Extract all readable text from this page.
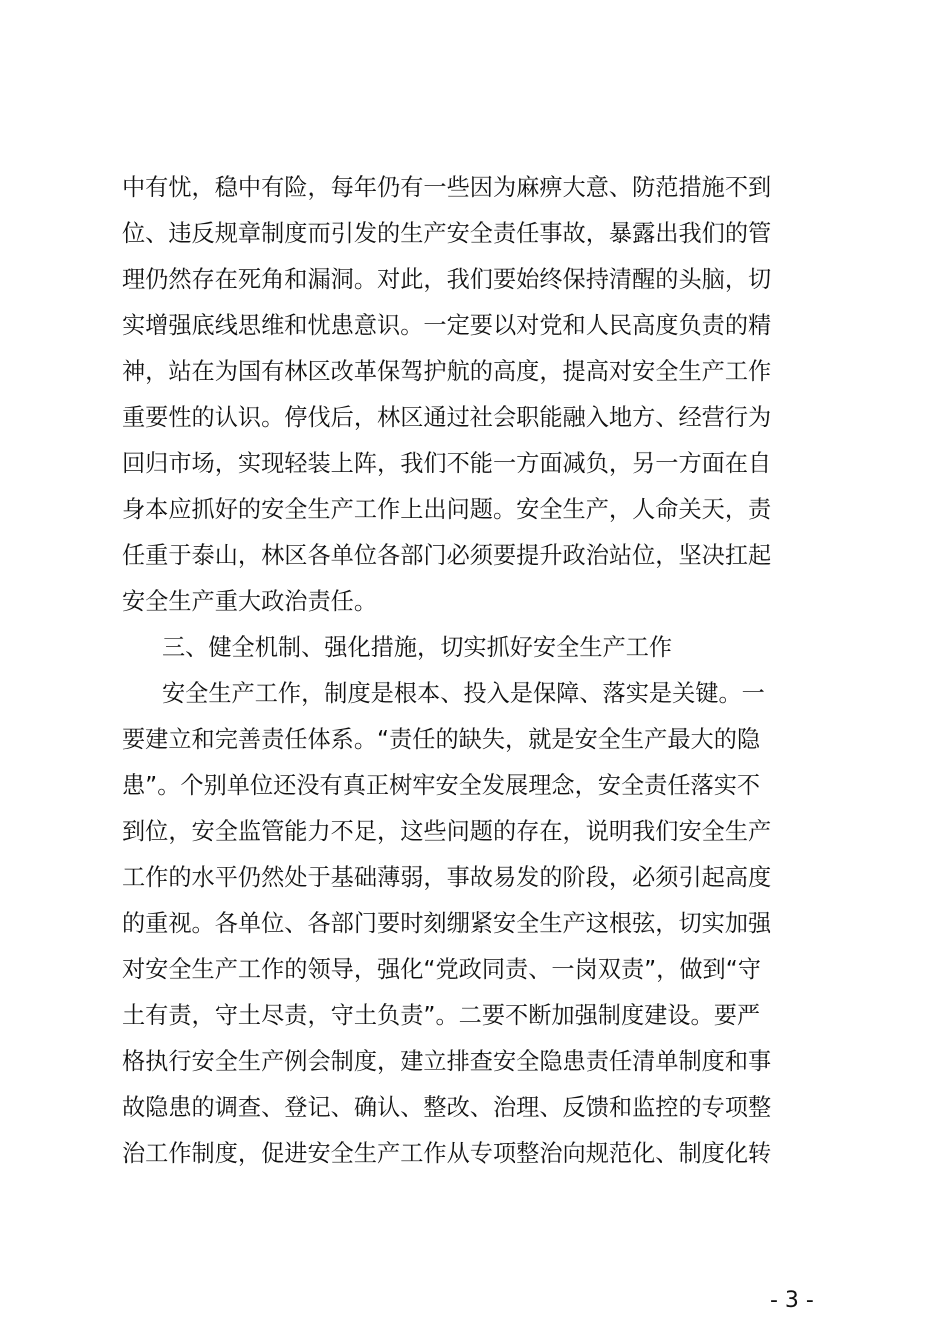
中有忧，稳中有险，每年仍有一些因为麻痹大意、防范措施不到
位、违反规章制度而引发的生产安全责任事故，暴露出我们的管
理仍然存在死角和漏洞。对此，我们要始终保持清醒的头脑，切
实增强底线思维和忧患意识。一定要以对党和人民高度负责的精
神，站在为国有林区改革保驾护航的高度，提高对安全生产工作
重要性的认识。停伐后，林区通过社会职能融入地方、经营行为
回归市场，实现轻装上阵，我们不能一方面减负，另一方面在自
身本应抓好的安全生产工作上出问题。安全生产，人命关天，责
任重于泰山，林区各单位各部门必须要提升政治站位，坚决扛起
安全生产重大政治责任。
三、健全机制、强化措施，切实抓好安全生产工作
安全生产工作，制度是根本、投入是保障、落实是关键。一
要建立和完善责任体系。“责任的缺失，就是安全生产最大的隐
患”。个别单位还没有真正树牢安全发展理念，安全责任落实不
到位，安全监管能力不足，这些问题的存在，说明我们安全生产
工作的水平仍然处于基础薄弱，事故易发的阶段，必须引起高度
的重视。各单位、各部门要时刻绷紧安全生产这根弦，切实加强
对安全生产工作的领导，强化“党政同责、一岗双责”，做到“守
土有责，守土尽责，守土负责”。二要不断加强制度建设。要严
格执行安全生产例会制度，建立排查安全隐患责任清单制度和事
故隐患的调查、登记、确认、整改、治理、反馈和监控的专项整
治工作制度，促进安全生产工作从专项整治向规范化、制度化转
- 3 -
